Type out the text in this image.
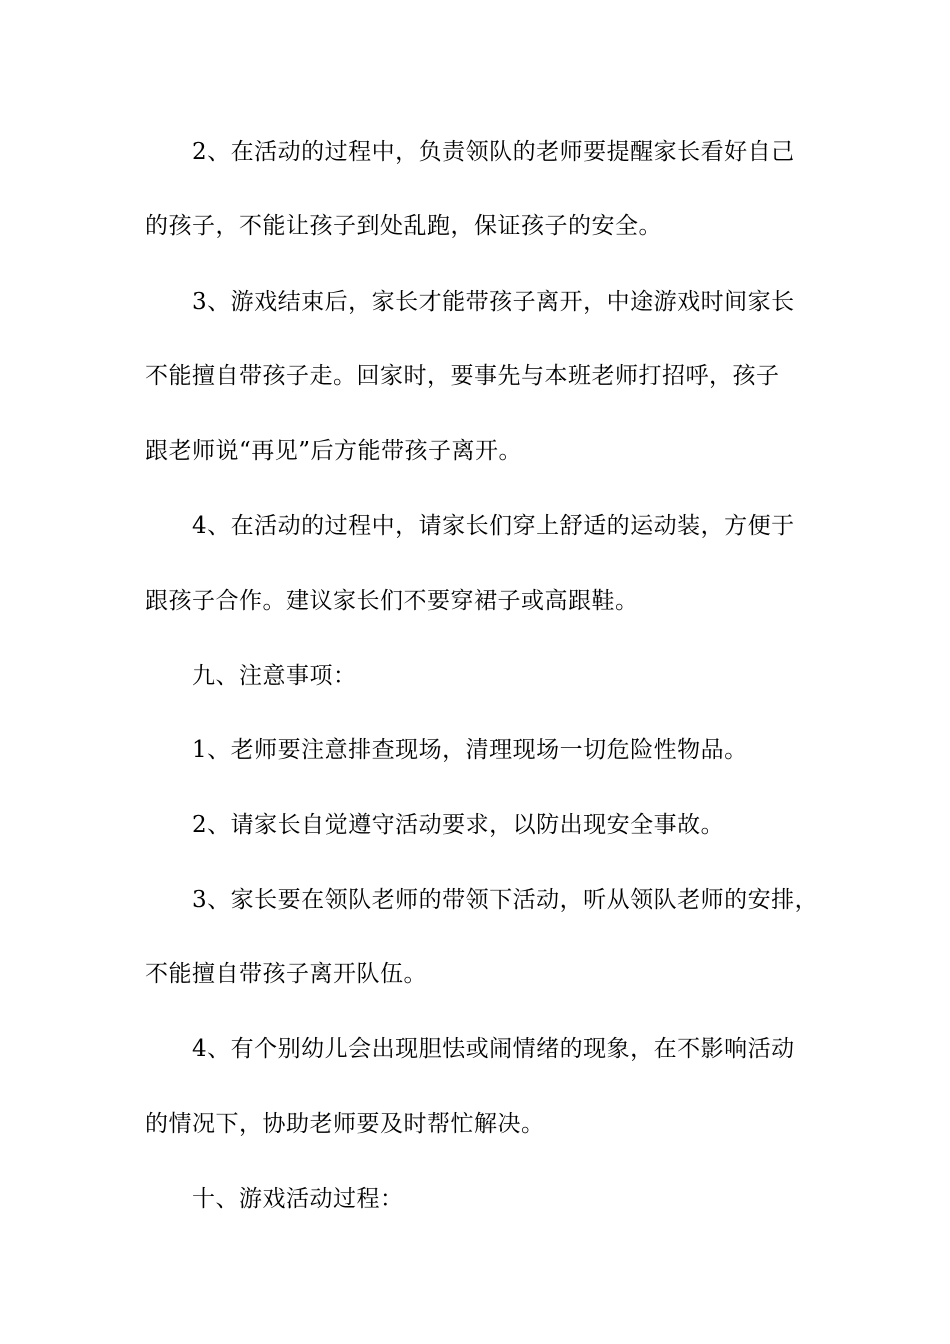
2、在活动的过程中，负责领队的老师要提醒家长看好自己

的孩子，不能让孩子到处乱跑，保证孩子的安全。

3、游戏结束后，家长才能带孩子离开，中途游戏时间家长

不能擅自带孩子走。回家时，要事先与本班老师打招呼，孩子

跟老师说“再见”后方能带孩子离开。

4、在活动的过程中，请家长们穿上舒适的运动装，方便于

跟孩子合作。建议家长们不要穿裙子或高跟鞋。

九、注意事项：

1、老师要注意排查现场，清理现场一切危险性物品。

2、请家长自觉遵守活动要求，以防出现安全事故。

3、家长要在领队老师的带领下活动，听从领队老师的安排，

不能擅自带孩子离开队伍。

4、有个别幼儿会出现胆怯或闹情绪的现象，在不影响活动

的情况下，协助老师要及时帮忙解决。

十、游戏活动过程：
